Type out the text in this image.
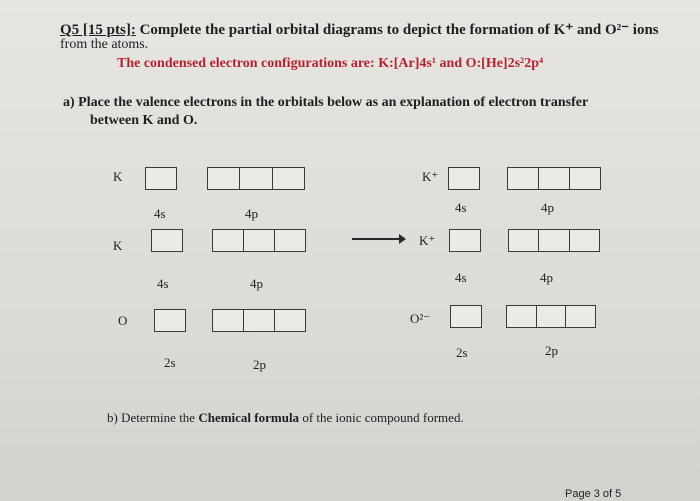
Q5 [15 pts]: Complete the partial orbital diagrams to depict the formation of K⁺ and O²⁻ ions
from the atoms.
The condensed electron configurations are: K:[Ar]4s¹ and O:[He]2s²2p⁴
a) Place the valence electrons in the orbitals below as an explanation of electron transfer
between K and O.
K
4s	4p
K⁺
4s	4p
K
4s	4p
K⁺
4s	4p
O
2s	2p
O²⁻
2s	2p
b) Determine the Chemical formula of the ionic compound formed.
Page 3 of 5
